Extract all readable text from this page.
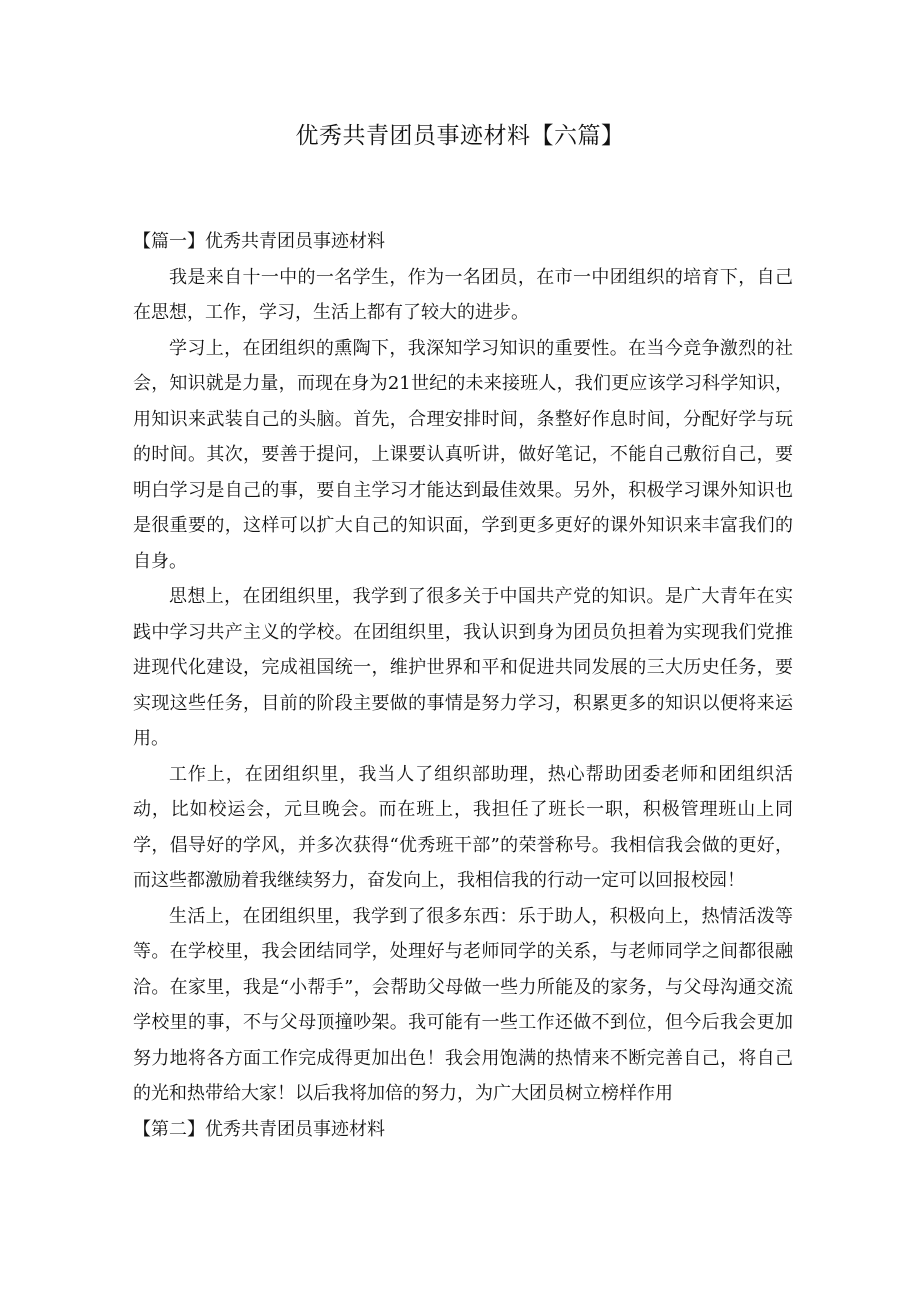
优秀共青团员事迹材料【六篇】

【篇一】优秀共青团员事迹材料

我是来自十一中的一名学生，作为一名团员，在市一中团组织的培育下，自己在思想，工作，学习，生活上都有了较大的进步。

学习上，在团组织的熏陶下，我深知学习知识的重要性。在当今竞争激烈的社会，知识就是力量，而现在身为21世纪的未来接班人，我们更应该学习科学知识，用知识来武装自己的头脑。首先，合理安排时间，条整好作息时间，分配好学与玩的时间。其次，要善于提问，上课要认真听讲，做好笔记，不能自己敷衍自己，要明白学习是自己的事，要自主学习才能达到最佳效果。另外，积极学习课外知识也是很重要的，这样可以扩大自己的知识面，学到更多更好的课外知识来丰富我们的自身。

思想上，在团组织里，我学到了很多关于中国共产党的知识。是广大青年在实践中学习共产主义的学校。在团组织里，我认识到身为团员负担着为实现我们党推进现代化建设，完成祖国统一，维护世界和平和促进共同发展的三大历史任务，要实现这些任务，目前的阶段主要做的事情是努力学习，积累更多的知识以便将来运用。

工作上，在团组织里，我当人了组织部助理，热心帮助团委老师和团组织活动，比如校运会，元旦晚会。而在班上，我担任了班长一职，积极管理班山上同学，倡导好的学风，并多次获得“优秀班干部”的荣誉称号。我相信我会做的更好，而这些都激励着我继续努力，奋发向上，我相信我的行动一定可以回报校园！

生活上，在团组织里，我学到了很多东西：乐于助人，积极向上，热情活泼等等。在学校里，我会团结同学，处理好与老师同学的关系，与老师同学之间都很融洽。在家里，我是“小帮手”，会帮助父母做一些力所能及的家务，与父母沟通交流学校里的事，不与父母顶撞吵架。我可能有一些工作还做不到位，但今后我会更加努力地将各方面工作完成得更加出色！我会用饱满的热情来不断完善自己，将自己的光和热带给大家！以后我将加倍的努力，为广大团员树立榜样作用

【第二】优秀共青团员事迹材料
